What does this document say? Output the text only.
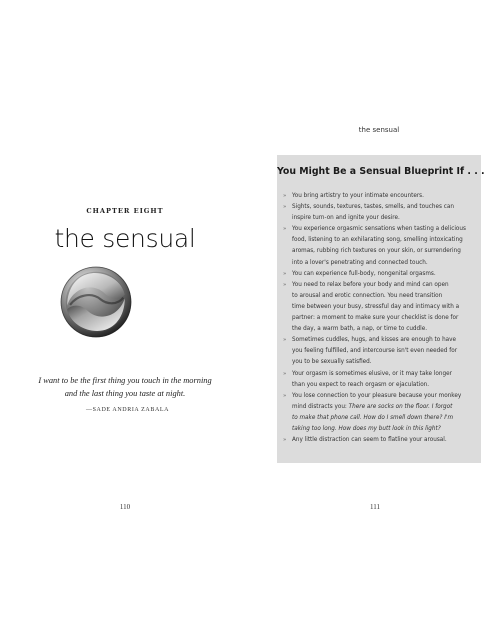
CHAPTER EIGHT
the sensual
I want to be the first thing you touch in the morning
and the last thing you taste at night.
—SADE ANDRIA ZABALA
110
the sensual
You Might Be a Sensual Blueprint If . . .
» You bring artistry to your intimate encounters.
» Sights, sounds, textures, tastes, smells, and touches can
inspire turn-on and ignite your desire.
» You experience orgasmic sensations when tasting a delicious
food, listening to an exhilarating song, smelling intoxicating
aromas, rubbing rich textures on your skin, or surrendering
into a lover's penetrating and connected touch.
» You can experience full-body, nongenital orgasms.
» You need to relax before your body and mind can open
to arousal and erotic connection. You need transition
time between your busy, stressful day and intimacy with a
partner: a moment to make sure your checklist is done for
the day, a warm bath, a nap, or time to cuddle.
» Sometimes cuddles, hugs, and kisses are enough to have
you feeling fulfilled, and intercourse isn't even needed for
you to be sexually satisfied.
» Your orgasm is sometimes elusive, or it may take longer
than you expect to reach orgasm or ejaculation.
» You lose connection to your pleasure because your monkey
mind distracts you: There are socks on the floor. I forgot
to make that phone call. How do I smell down there? I'm
taking too long. How does my butt look in this light?
» Any little distraction can seem to flatline your arousal.
111
